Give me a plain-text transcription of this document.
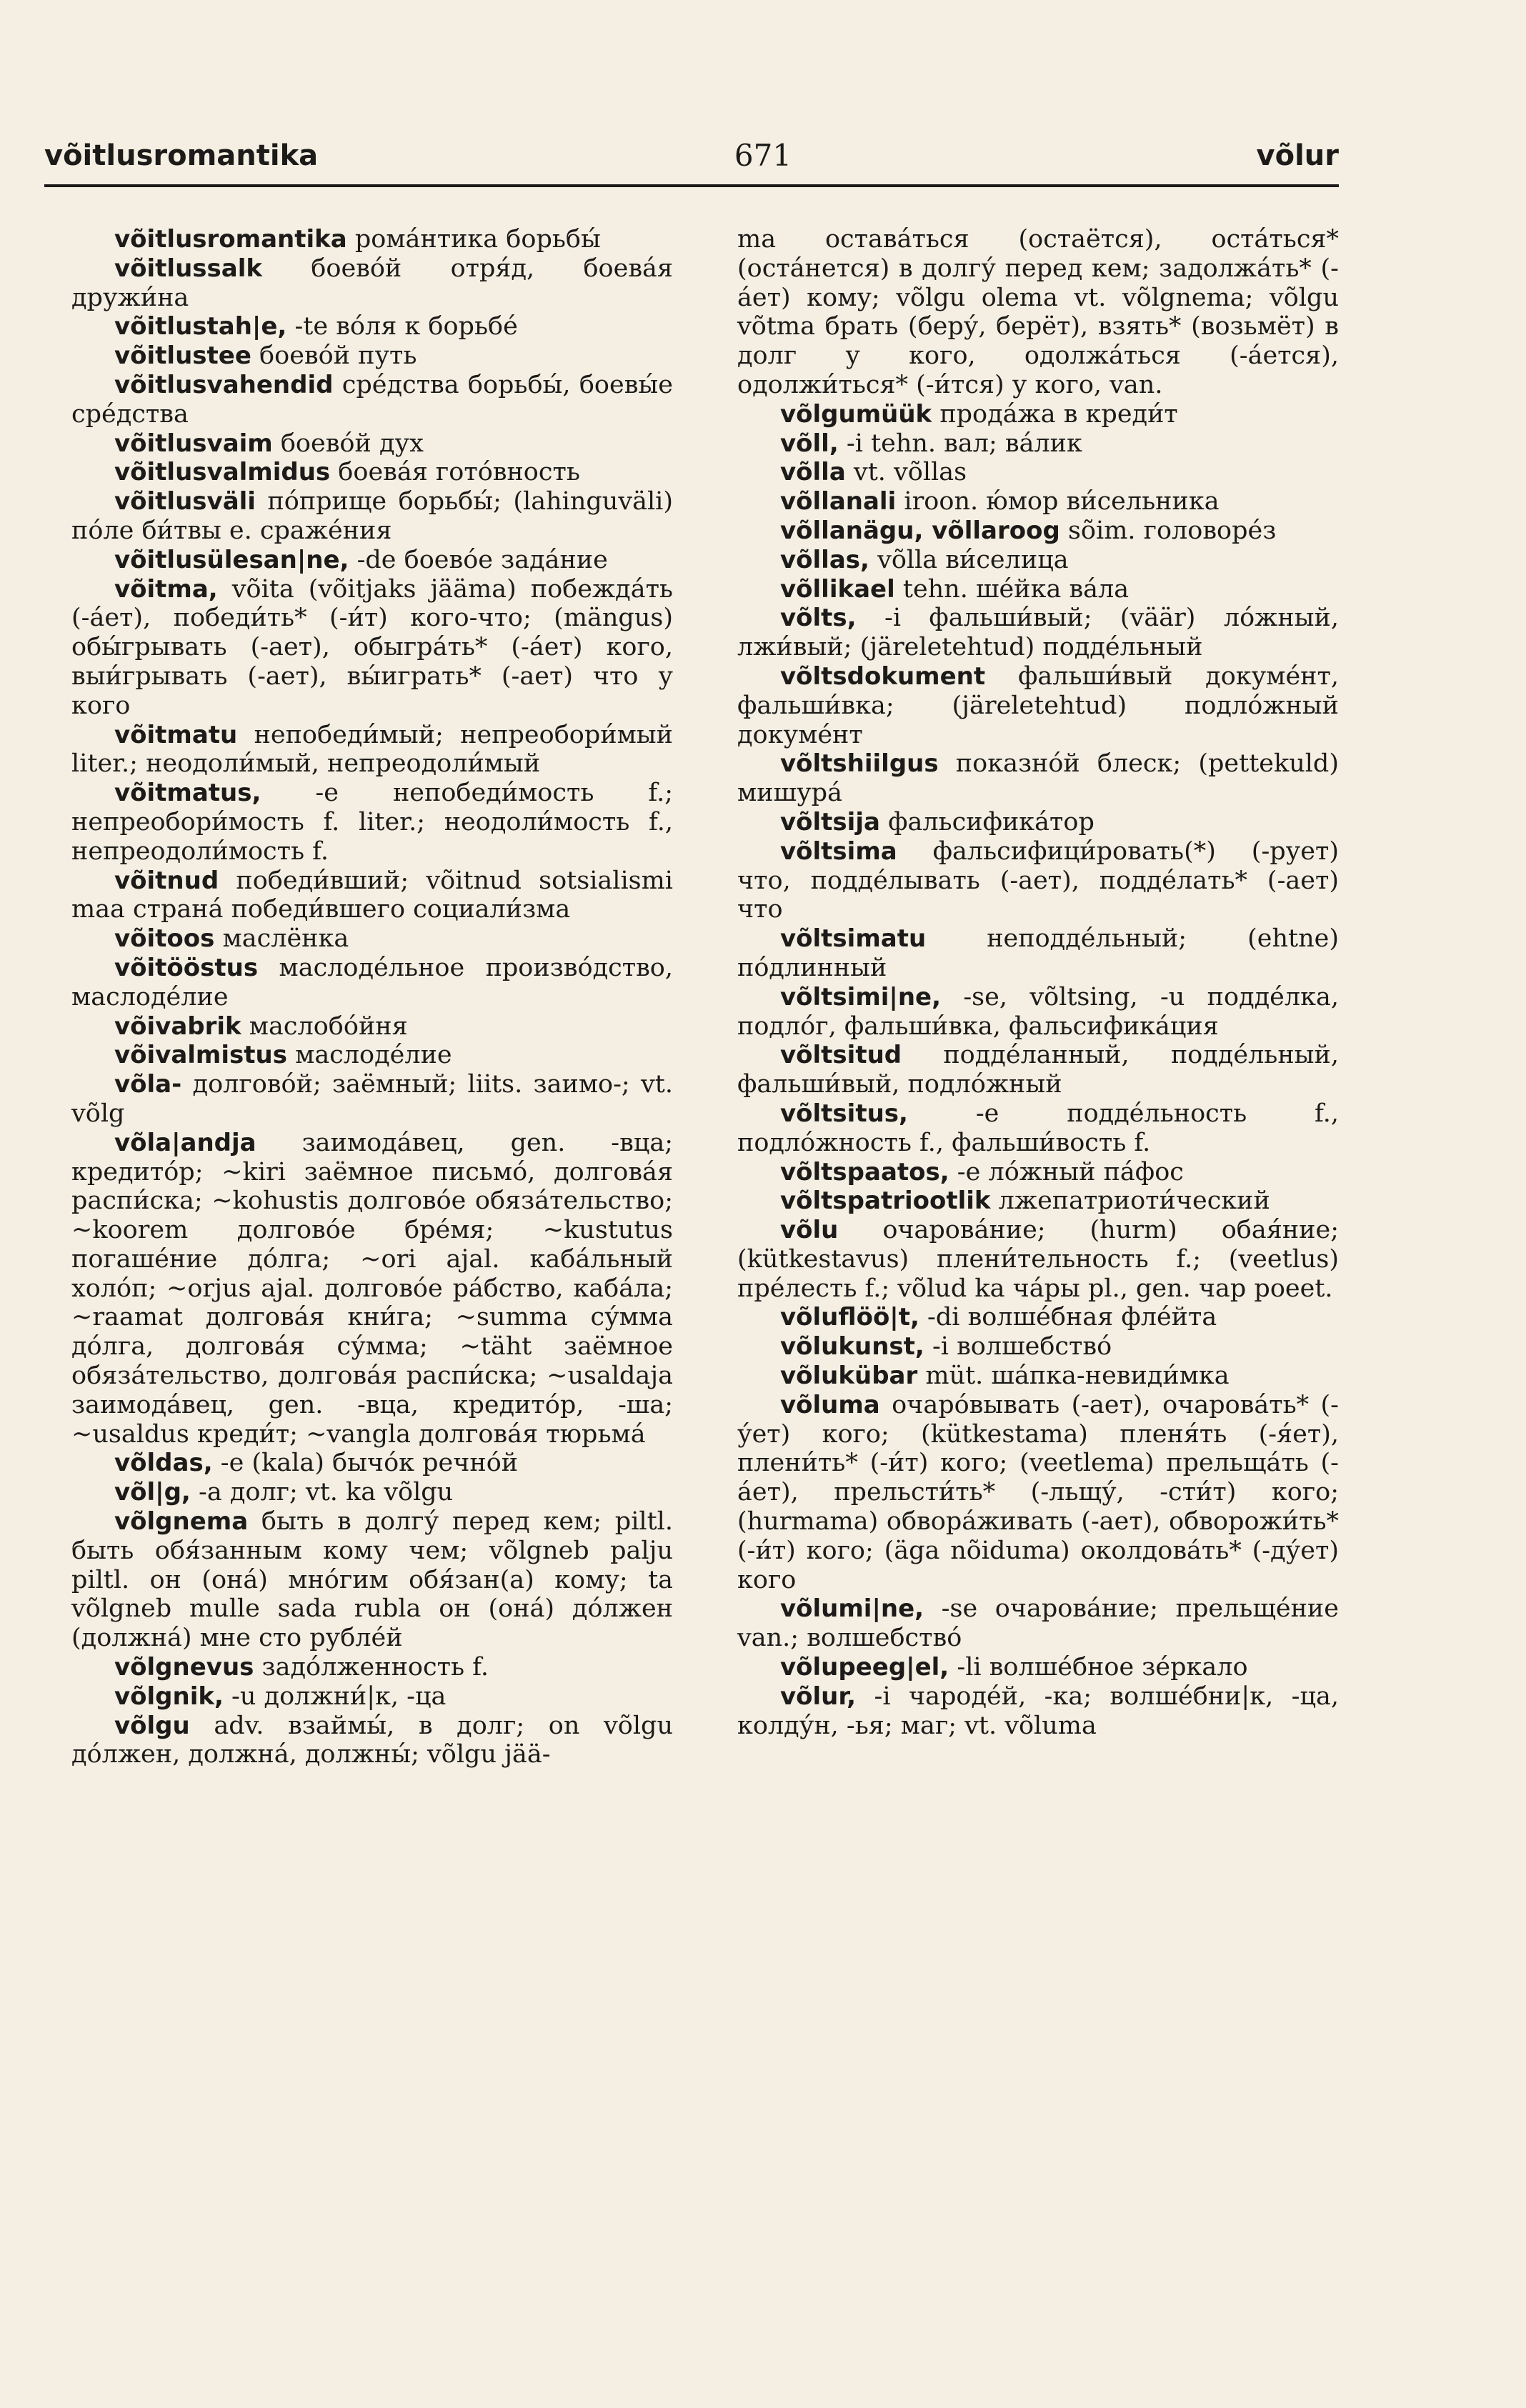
võitlusromantika	671	võlur

võitlusromantika рома́нтика борьбы́

võitlussalk боево́й отря́д, боева́я дружи́на

võitlustah|e, -te во́ля к борьбе́

võitlustee боево́й путь

võitlusvahendid сре́дства борьбы́, боевы́е сре́дства

võitlusvaim боево́й дух

võitlusvalmidus боева́я гото́вность

võitlusväli по́прище борьбы́; (lahinguväli) по́ле би́твы e. сраже́ния

võitlusülesan|ne, -de боево́е зада́ние

võitma, võita (võitjaks jääma) побежда́ть (-а́ет), победи́ть* (-и́т) кого-что; (mängus) обы́грывать (-ает), обыгра́ть* (-а́ет) кого, выи́грывать (-ает), вы́играть* (-ает) что у кого

võitmatu непобеди́мый; непреобори́мый liter.; неодоли́мый, непреодоли́мый

võitmatus, -e непобеди́мость f.; непреобори́мость f. liter.; неодоли́мость f., непреодоли́мость f.

võitnud победи́вший; võitnud sotsialismi maa страна́ победи́вшего социали́зма

võitoos маслёнка

võitööstus маслоде́льное произво́дство, маслоде́лие

võivabrik маслобо́йня

võivalmistus маслоде́лие

võla- долгово́й; заёмный; liits. заимо-; vt. võlg

võla|andja заимода́вец, gen. -вца; кредито́р; ~kiri заёмное письмо́, долгова́я распи́ска; ~kohustis долгово́е обяза́тельство; ~koorem долгово́е бре́мя; ~kustutus погаше́ние до́лга; ~ori ajal. каба́льный холо́п; ~orjus ajal. долгово́е ра́бство, каба́ла; ~raamat долгова́я кни́га; ~summa су́мма до́лга, долгова́я су́мма; ~täht заёмное обяза́тельство, долгова́я распи́ска; ~usaldaja заимода́вец, gen. -вца, кредито́р, -ша; ~usaldus креди́т; ~vangla долгова́я тюрьма́

võldas, -e (kala) бычо́к речно́й

võl|g, -a долг; vt. ka võlgu

võlgnema быть в долгу́ перед кем; piltl. быть обя́занным кому чем; võlgneb palju piltl. он (она́) мно́гим обя́зан(а) кому; ta võlgneb mulle sada rubla он (она́) до́лжен (должна́) мне сто рубле́й

võlgnevus задо́лженность f.

võlgnik, -u должни́|к, -ца

võlgu adv. взаймы́, в долг; on võlgu до́лжен, должна́, должны́; võlgu jää-

ma остава́ться (остаётся), оста́ться* (оста́нется) в долгу́ перед кем; задолжа́ть* (-а́ет) кому; võlgu olema vt. võlgnema; võlgu võtma брать (беру́, берёт), взять* (возьмёт) в долг у кого, одолжа́ться (-а́ется), одолжи́ться* (-и́тся) у кого, van.

võlgumüük прода́жа в креди́т

võll, -i tehn. вал; ва́лик

võlla vt. võllas

võllanali iroon. ю́мор ви́сельника

võllanägu, võllaroog sõim. головоре́з

võllas, võlla ви́селица

võllikael tehn. ше́йка ва́ла

võlts, -i фальши́вый; (väär) ло́жный, лжи́вый; (järeletehtud) подде́льный

võltsdokument фальши́вый докуме́нт, фальши́вка; (järeletehtud) подло́жный докуме́нт

võltshiilgus показно́й блеск; (pettekuld) мишура́

võltsija фальсифика́тор

võltsima фальсифици́ровать(*) (-рует) что, подде́лывать (-ает), подде́лать* (-ает) что

võltsimatu неподде́льный; (ehtne) по́длинный

võltsimi|ne, -se, võltsing, -u подде́лка, подло́г, фальши́вка, фальсифика́ция

võltsitud подде́ланный, подде́льный, фальши́вый, подло́жный

võltsitus,	-e подде́льность f., подло́жность f., фальши́вость f.

võltspaatos, -e ло́жный па́фос

võltspatriootlik лжепатриоти́ческий

võlu очарова́ние; (hurm) обая́ние; (kütkestavus) плени́тельность f.; (veetlus) пре́лесть f.; võlud ka ча́ры pl., gen. чар poeet.

võluflöö|t, -di волше́бная фле́йта

võlukunst, -i волшебство́

võlukübar müt. ша́пка-невиди́мка

võluma очаро́вывать (-ает), очарова́ть* (-у́ет) кого; (kütkestama) пленя́ть (-я́ет), плени́ть* (-и́т) кого; (veetlema) прельща́ть (-а́ет), прельсти́ть* (-льщу́, -сти́т) кого; (hurmama) обвора́живать (-ает), обворожи́ть* (-и́т) кого; (äga nõiduma) околдова́ть* (-ду́ет) кого

võlumi|ne, -se очарова́ние; прельще́ние van.; волшебство́

võlupeeg|el, -li волше́бное зе́ркало

võlur, -i чароде́й, -ка; волше́бни|к, -ца, колду́н, -ья; маг; vt. võluma
